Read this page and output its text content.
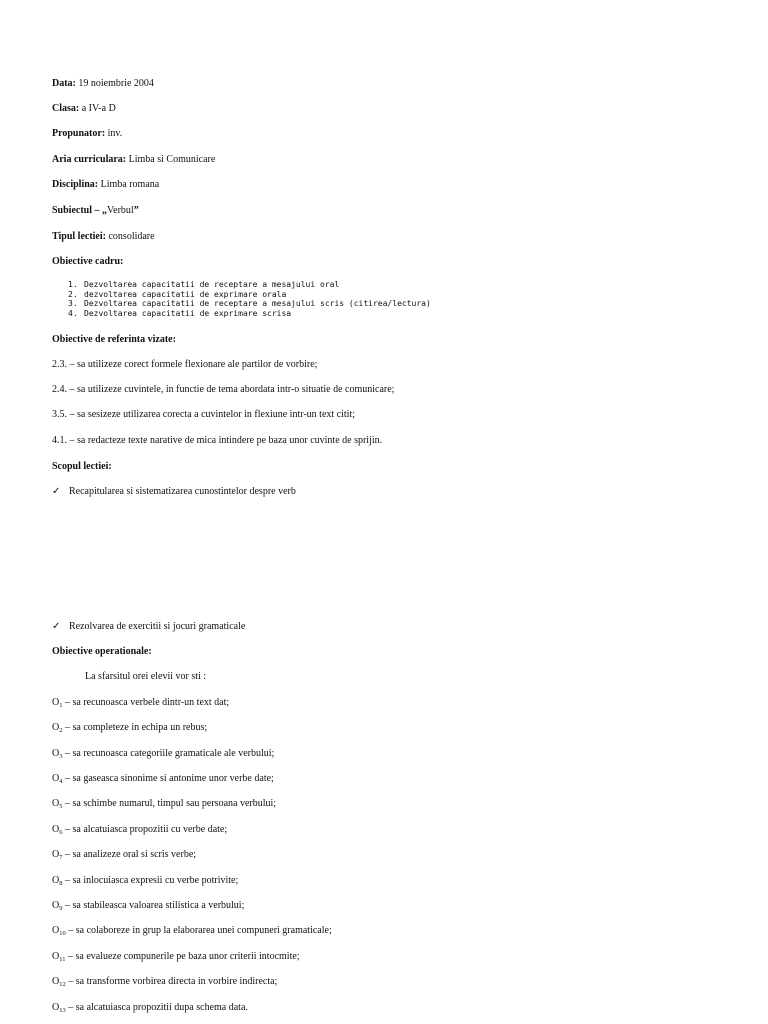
Data: 19 noiembrie 2004
Clasa: a IV-a D
Propunator: inv.
Aria curriculara: Limba si Comunicare
Disciplina: Limba romana
Subiectul – „Verbul”
Tipul lectiei: consolidare
Obiective cadru:
1. Dezvoltarea capacitatii de receptare a mesajului oral
2. dezvoltarea capacitatii de exprimare orala
3. Dezvoltarea capacitatii de receptare a mesajului scris (citirea/lectura)
4. Dezvoltarea capacitatii de exprimare scrisa
Obiective de referinta vizate:
2.3. – sa utilizeze corect formele flexionare ale partilor de vorbire;
2.4. – sa utilizeze cuvintele, in functie de tema abordata intr-o situatie de comunicare;
3.5. – sa sesizeze utilizarea corecta a cuvintelor in flexiune intr-un text citit;
4.1. – sa redacteze texte narative de mica intindere pe baza unor cuvinte de sprijin.
Scopul lectiei:
✓ Recapitularea si sistematizarea cunostintelor despre verb
✓ Rezolvarea de exercitii si jocuri gramaticale
Obiective operationale:
La sfarsitul orei elevii vor sti :
$O_1$ – sa recunoasca verbele dintr-un text dat;
$O_2$ – sa completeze in echipa un rebus;
$O_3$ – sa recunoasca categoriile gramaticale ale verbului;
$O_4$ – sa gaseasca sinonime si antonime unor verbe date;
$O_5$ – sa schimbe numarul, timpul sau persoana verbului;
$O_6$ – sa alcatuiasca propozitii cu verbe date;
$O_7$ – sa analizeze oral si scris verbe;
$O_8$ – sa inlocuiasca expresii cu verbe potrivite;
$O_9$ – sa stabileasca valoarea stilistica a verbului;
$O_{10}$ – sa colaboreze in grup la elaborarea unei compuneri gramaticale;
$O_{11}$ – sa evalueze compunerile pe baza unor criterii intocmite;
$O_{12}$ – sa transforme vorbirea directa in vorbire indirecta;
$O_{13}$ – sa alcatuiasca propozitii dupa schema data.
